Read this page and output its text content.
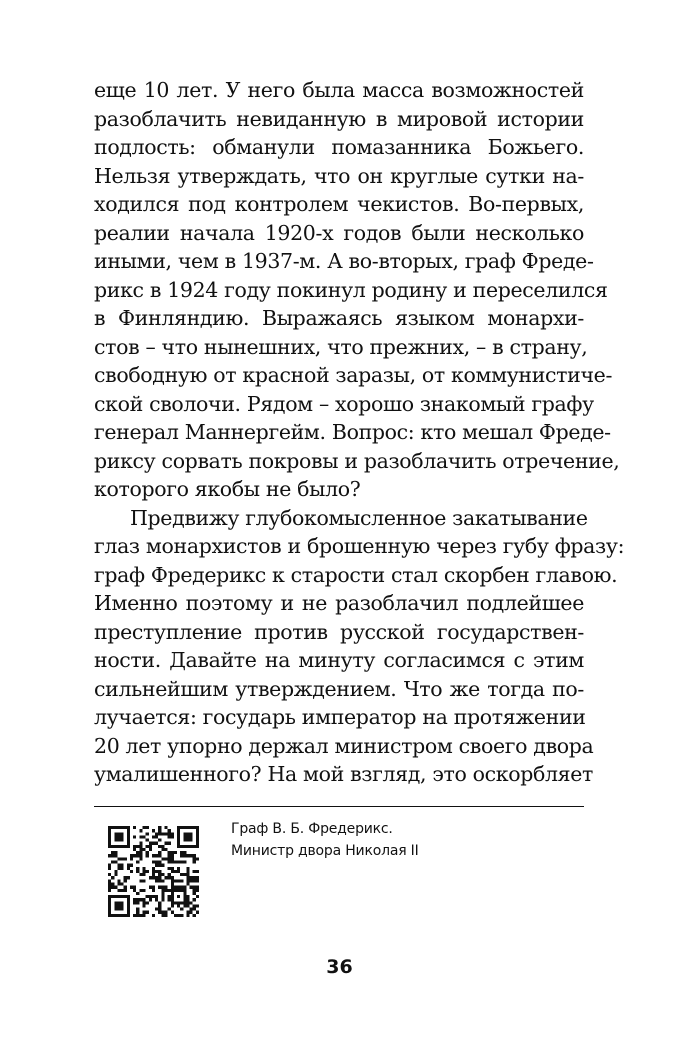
еще 10 лет. У него была масса возможностей
разоблачить невиданную в мировой истории
подлость: обманули помазанника Божьего.
Нельзя утверждать, что он круглые сутки на-
ходился под контролем чекистов. Во-первых,
реалии начала 1920-х годов были несколько
иными, чем в 1937-м. А во-вторых, граф Фреде-
рикс в 1924 году покинул родину и переселился
в Финляндию. Выражаясь языком монархи-
стов – что нынешних, что прежних, – в страну,
свободную от красной заразы, от коммунистиче-
ской сволочи. Рядом – хорошо знакомый графу
генерал Маннергейм. Вопрос: кто мешал Фреде-
риксу сорвать покровы и разоблачить отречение,
которого якобы не было?
Предвижу глубокомысленное закатывание
глаз монархистов и брошенную через губу фразу:
граф Фредерикс к старости стал скорбен главою.
Именно поэтому и не разоблачил подлейшее
преступление против русской государствен-
ности. Давайте на минуту согласимся с этим
сильнейшим утверждением. Что же тогда по-
лучается: государь император на протяжении
20 лет упорно держал министром своего двора
умалишенного? На мой взгляд, это оскорбляет
Граф В. Б. Фредерикс.
Министр двора Николая II
36
